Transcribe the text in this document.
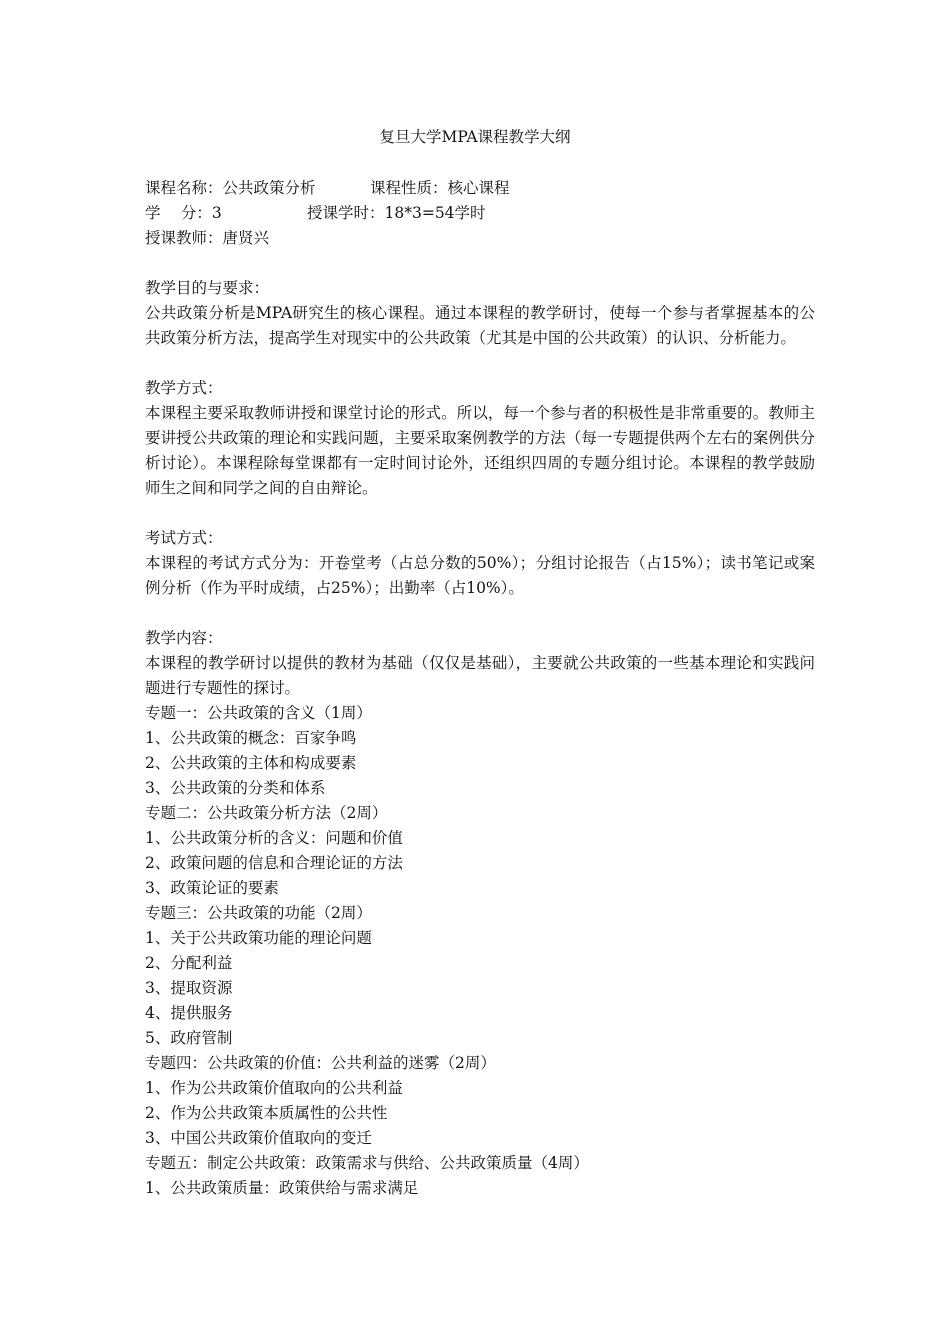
复旦大学MPA课程教学大纲
课程名称：公共政策分析	课程性质：核心课程
学　 分：3	授课学时：18*3=54学时
授课教师：唐贤兴
教学目的与要求：

公共政策分析是MPA研究生的核心课程。通过本课程的教学研讨，使每一个参与者掌握基本的公共政策分析方法，提高学生对现实中的公共政策（尤其是中国的公共政策）的认识、分析能力。

教学方式：

本课程主要采取教师讲授和课堂讨论的形式。所以，每一个参与者的积极性是非常重要的。教师主要讲授公共政策的理论和实践问题，主要采取案例教学的方法（每一专题提供两个左右的案例供分析讨论）。本课程除每堂课都有一定时间讨论外，还组织四周的专题分组讨论。本课程的教学鼓励师生之间和同学之间的自由辩论。

考试方式：

本课程的考试方式分为：开卷堂考（占总分数的50%）；分组讨论报告（占15%）；读书笔记或案例分析（作为平时成绩，占25%）；出勤率（占10%）。

教学内容：

本课程的教学研讨以提供的教材为基础（仅仅是基础），主要就公共政策的一些基本理论和实践问题进行专题性的探讨。

专题一：公共政策的含义（1周）
1、公共政策的概念：百家争鸣
2、公共政策的主体和构成要素
3、公共政策的分类和体系
专题二：公共政策分析方法（2周）
1、公共政策分析的含义：问题和价值
2、政策问题的信息和合理论证的方法
3、政策论证的要素
专题三：公共政策的功能（2周）
1、关于公共政策功能的理论问题
2、分配利益
3、提取资源
4、提供服务
5、政府管制
专题四：公共政策的价值：公共利益的迷雾（2周）
1、作为公共政策价值取向的公共利益
2、作为公共政策本质属性的公共性
3、中国公共政策价值取向的变迁
专题五：制定公共政策：政策需求与供给、公共政策质量（4周）
1、公共政策质量：政策供给与需求满足
